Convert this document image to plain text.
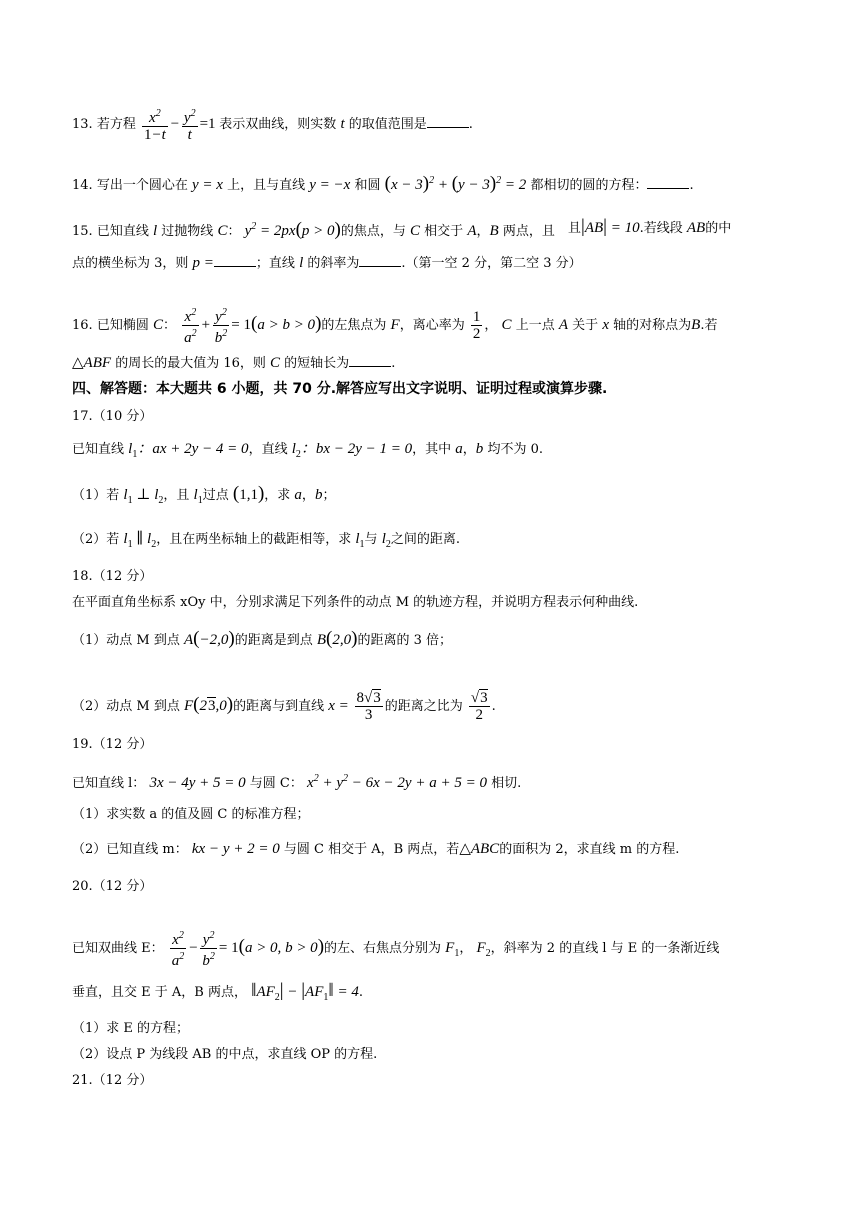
13. 若方程 $\frac{x^2}{1-t} - \frac{y^2}{t} =1$ 表示双曲线，则实数 t 的取值范围是	.
14. 写出一个圆心在 y = x 上，且与直线 y = −x 和圆 $(x - 3)^2 + (y - 3)^2 = 2$ 都相切的圆的方程：	.
15. 已知直线 l 过抛物线 C： $y^2 = 2px(p > 0)$的焦点，与 C 相交于 A，B 两点，且	且|AB| = 10.若线段 AB的中
点的横坐标为 3，则 p =	；直线 l 的斜率为	.（第一空 2 分，第二空 3 分）
16. 已知椭圆 C： $\frac{x^2}{a^2} + \frac{y^2}{b^2} = 1(a > b > 0)$的左焦点为 F，离心率为 $\frac{1}{2}$ ， C 上一点 A 关于 x 轴的对称点为B.若
△ABF 的周长的最大值为 16，则 C 的短轴长为	.
四、解答题：本大题共 6 小题，共 70 分.解答应写出文字说明、证明过程或演算步骤.
17.（10 分）
已知直线 $l_1$：ax + 2y − 4 = 0，直线 $l_2$：bx − 2y − 1 = 0，其中 a，b 均不为 0.
（1）若 $l_1$ ⊥ $l_2$，且 $l_1$过点 (1,1)，求 a，b；
（2）若 $l_1$ ∥ $l_2$，且在两坐标轴上的截距相等，求 $l_1$与 $l_2$之间的距离.
18.（12 分）
在平面直角坐标系 xOy 中，分别求满足下列条件的动点 M 的轨迹方程，并说明方程表示何种曲线.
（1）动点 M 到点 A(−2,0)的距离是到点 B(2,0)的距离的 3 倍；
（2）动点 M 到点 F(23,0)的距离与到直线 $x = \frac{8√3}{3}$ 的距离之比为 $\frac{√3}{2}$ .
19.（12 分）
已知直线 l： 3x − 4y + 5 = 0 与圆 C： $x^2 + y^2 - 6x - 2y + a + 5 = 0$ 相切.
（1）求实数 a 的值及圆 C 的标准方程；
（2）已知直线 m： kx − y + 2 = 0 与圆 C 相交于 A，B 两点，若△ABC的面积为 2，求直线 m 的方程.
20.（12 分）
已知双曲线 E： $\frac{x^2}{a^2} - \frac{y^2}{b^2} = 1(a > 0$, b > 0)的左、右焦点分别为 $F_1$， $F_2$，斜率为 2 的直线 l 与 E 的一条渐近线
垂直，且交 E 于 A，B 两点， $‖AF_2|$ − $|AF_1‖ = 4$.
（1）求 E 的方程；
（2）设点 P 为线段 AB 的中点，求直线 OP 的方程.
21.（12 分）
